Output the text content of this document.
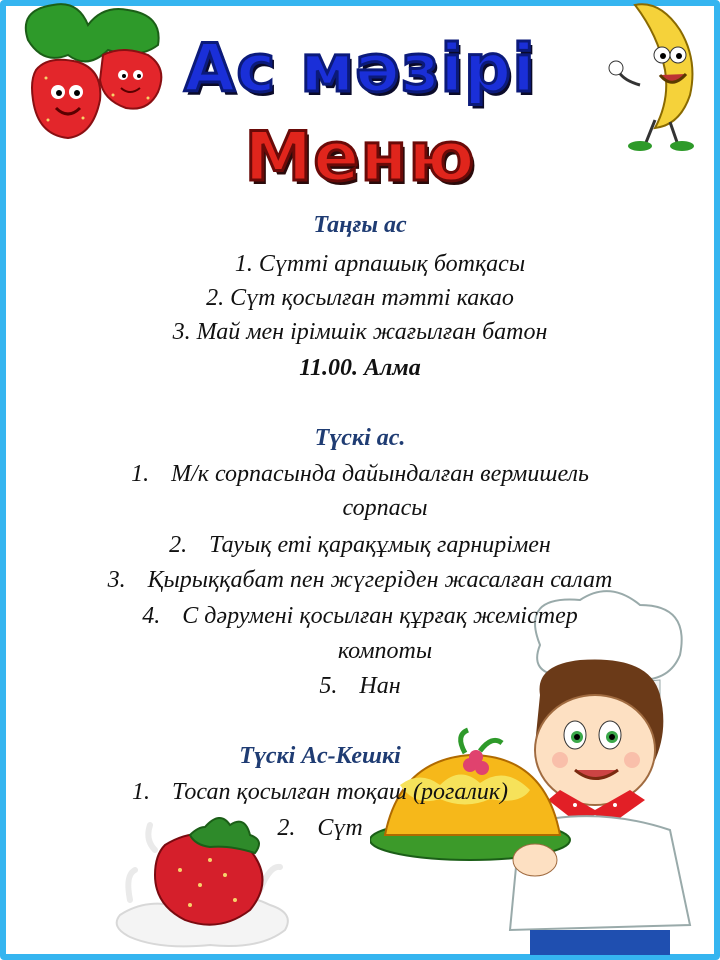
Ас мәзірі
Меню
Таңғы ас
1. Сүтті арпашық ботқасы
2. Сүт қосылған тәтті какао
3. Май мен ірімшік жағылған батон
11.00. Алма
Түскі ас.
1. М/к сорпасында дайындалған вермишель
сорпасы
2. Тауық еті қарақұмық гарнирімен
3. Қырыққабат пен жүгеріден жасалған салат
4. С дәрумені қосылған құрғақ жемістер
компоты
5. Нан
Түскі Ас-Кешкі
1. Тосап қосылған тоқаш (рогалик)
2. Сүт
